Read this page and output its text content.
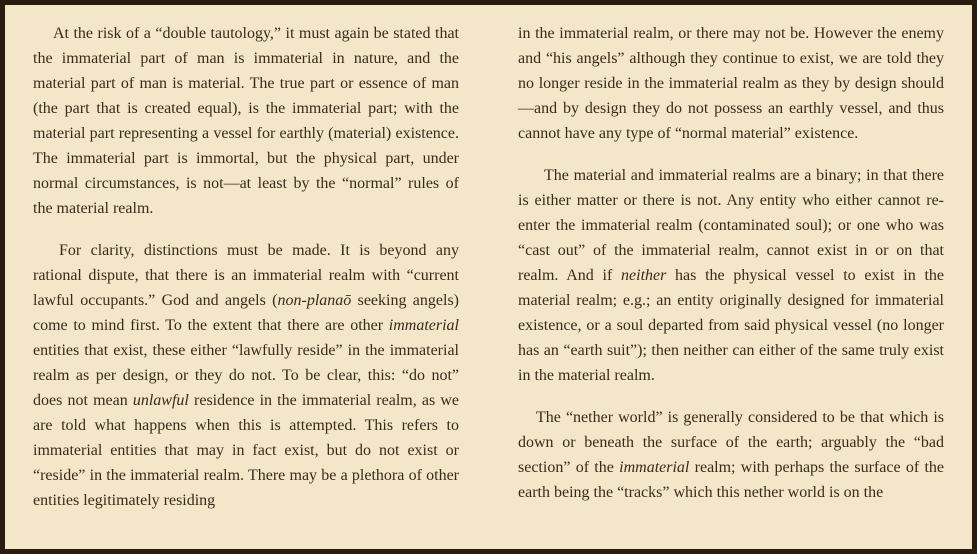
At the risk of a “double tautology,” it must again be stated that the immaterial part of man is immaterial in nature, and the material part of man is material. The true part or essence of man (the part that is created equal), is the immaterial part; with the material part representing a vessel for earthly (material) existence. The immaterial part is immortal, but the physical part, under normal circumstances, is not—at least by the “normal” rules of the material realm.

For clarity, distinctions must be made. It is beyond any rational dispute, that there is an immaterial realm with “current lawful occupants.” God and angels (non-planaō seeking angels) come to mind first. To the extent that there are other immaterial entities that exist, these either “lawfully reside” in the immaterial realm as per design, or they do not. To be clear, this: “do not” does not mean unlawful residence in the immaterial realm, as we are told what happens when this is attempted. This refers to immaterial entities that may in fact exist, but do not exist or “reside” in the immaterial realm. There may be a plethora of other entities legitimately residing

in the immaterial realm, or there may not be. However the enemy and “his angels” although they continue to exist, we are told they no longer reside in the immaterial realm as they by design should—and by design they do not possess an earthly vessel, and thus cannot have any type of “normal material” existence.

The material and immaterial realms are a binary; in that there is either matter or there is not. Any entity who either cannot re-enter the immaterial realm (contaminated soul); or one who was “cast out” of the immaterial realm, cannot exist in or on that realm. And if neither has the physical vessel to exist in the material realm; e.g.; an entity originally designed for immaterial existence, or a soul departed from said physical vessel (no longer has an “earth suit”); then neither can either of the same truly exist in the material realm.

The “nether world” is generally considered to be that which is down or beneath the surface of the earth; arguably the “bad section” of the immaterial realm; with perhaps the surface of the earth being the “tracks” which this nether world is on the
